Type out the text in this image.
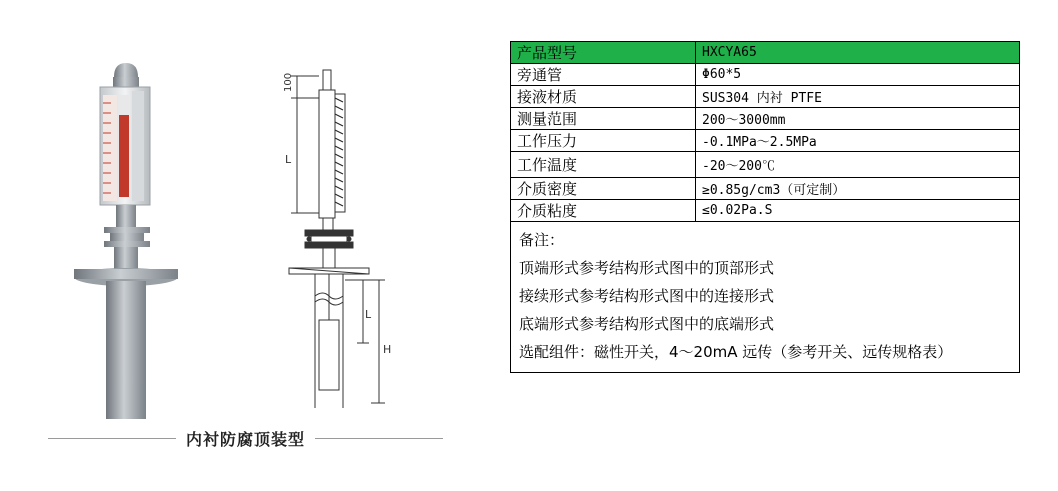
100
L
H
L
内衬防腐顶装型
产品型号	HXCYA65
旁通管	Φ60*5
接液材质	SUS304 内衬 PTFE
测量范围	200～3000mm
工作压力	-0.1MPa～2.5MPa
工作温度	-20～200℃
介质密度	≥0.85g/cm3（可定制）
介质粘度	≤0.02Pa.S

备注：
顶端形式参考结构形式图中的顶部形式
接续形式参考结构形式图中的连接形式
底端形式参考结构形式图中的底端形式
选配组件：磁性开关，4～20mA 远传（参考开关、远传规格表）	
